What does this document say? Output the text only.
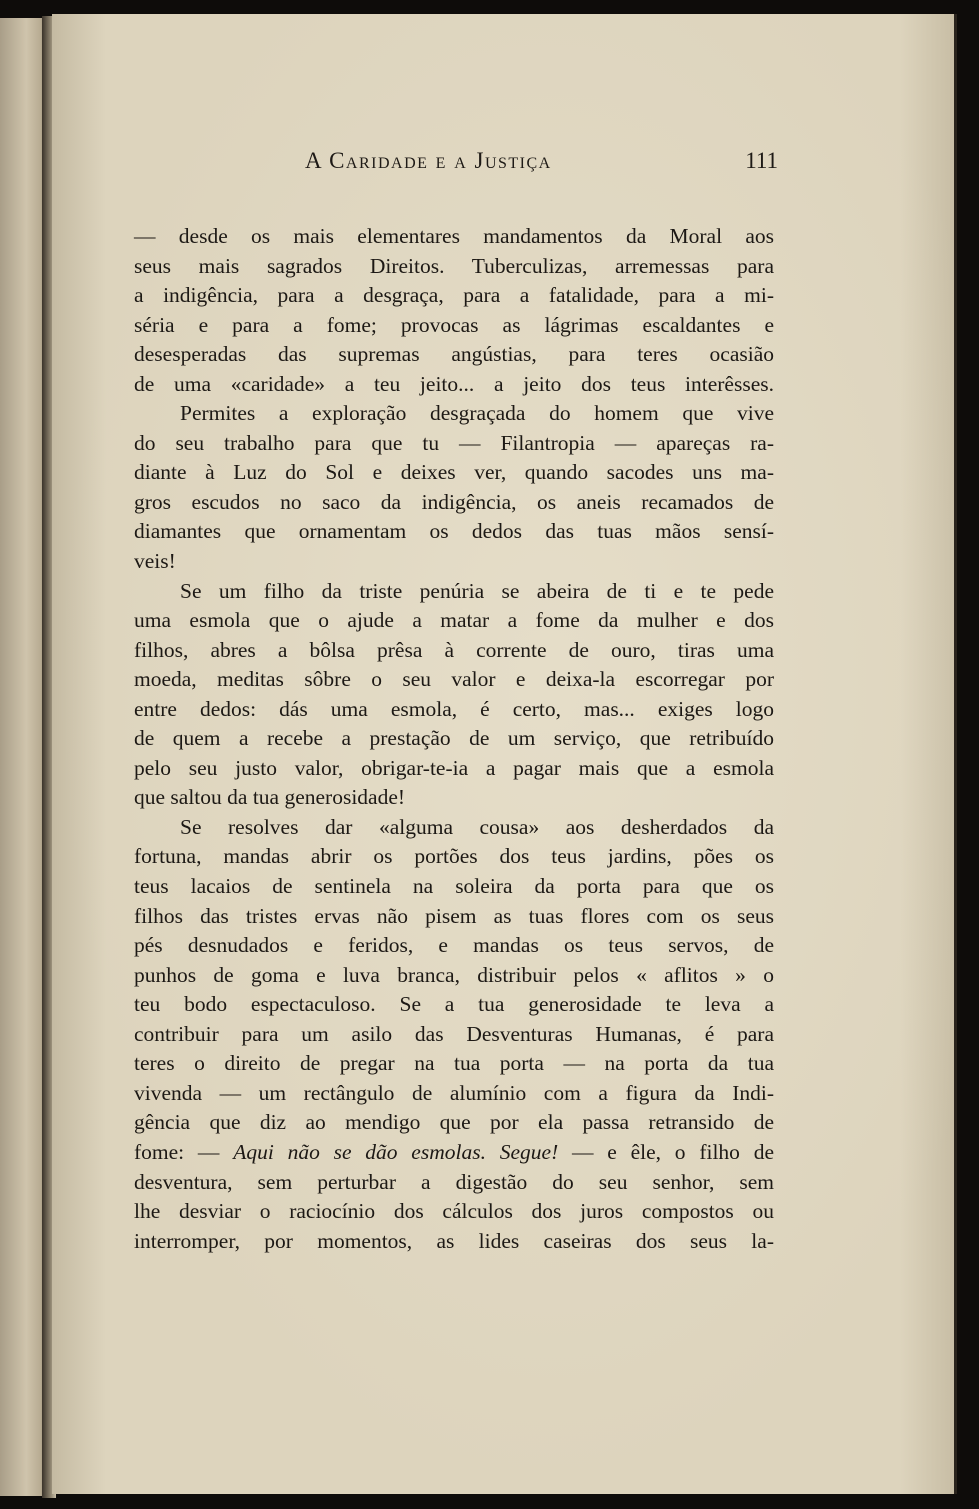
A Caridade e a Justiça	111
— desde os mais elementares mandamentos da Moral aos
seus mais sagrados Direitos. Tuberculizas, arremessas para
a indigência, para a desgraça, para a fatalidade, para a mi-
séria e para a fome; provocas as lágrimas escaldantes e
desesperadas das supremas angústias, para teres ocasião
de uma «caridade» a teu jeito... a jeito dos teus interêsses.
Permites a exploração desgraçada do homem que vive
do seu trabalho para que tu — Filantropia — apareças ra-
diante à Luz do Sol e deixes ver, quando sacodes uns ma-
gros escudos no saco da indigência, os aneis recamados de
diamantes que ornamentam os dedos das tuas mãos sensí-
veis!
Se um filho da triste penúria se abeira de ti e te pede
uma esmola que o ajude a matar a fome da mulher e dos
filhos, abres a bôlsa prêsa à corrente de ouro, tiras uma
moeda, meditas sôbre o seu valor e deixa-la escorregar por
entre dedos: dás uma esmola, é certo, mas... exiges logo
de quem a recebe a prestação de um serviço, que retribuído
pelo seu justo valor, obrigar-te-ia a pagar mais que a esmola
que saltou da tua generosidade!
Se resolves dar «alguma cousa» aos desherdados da
fortuna, mandas abrir os portões dos teus jardins, pões os
teus lacaios de sentinela na soleira da porta para que os
filhos das tristes ervas não pisem as tuas flores com os seus
pés desnudados e feridos, e mandas os teus servos, de
punhos de goma e luva branca, distribuir pelos « aflitos » o
teu bodo espectaculoso. Se a tua generosidade te leva a
contribuir para um asilo das Desventuras Humanas, é para
teres o direito de pregar na tua porta — na porta da tua
vivenda — um rectângulo de alumínio com a figura da Indi-
gência que diz ao mendigo que por ela passa retransido de
fome: — Aqui não se dão esmolas. Segue! — e êle, o filho de
desventura, sem perturbar a digestão do seu senhor, sem
lhe desviar o raciocínio dos cálculos dos juros compostos ou
interromper, por momentos, as lides caseiras dos seus la-
